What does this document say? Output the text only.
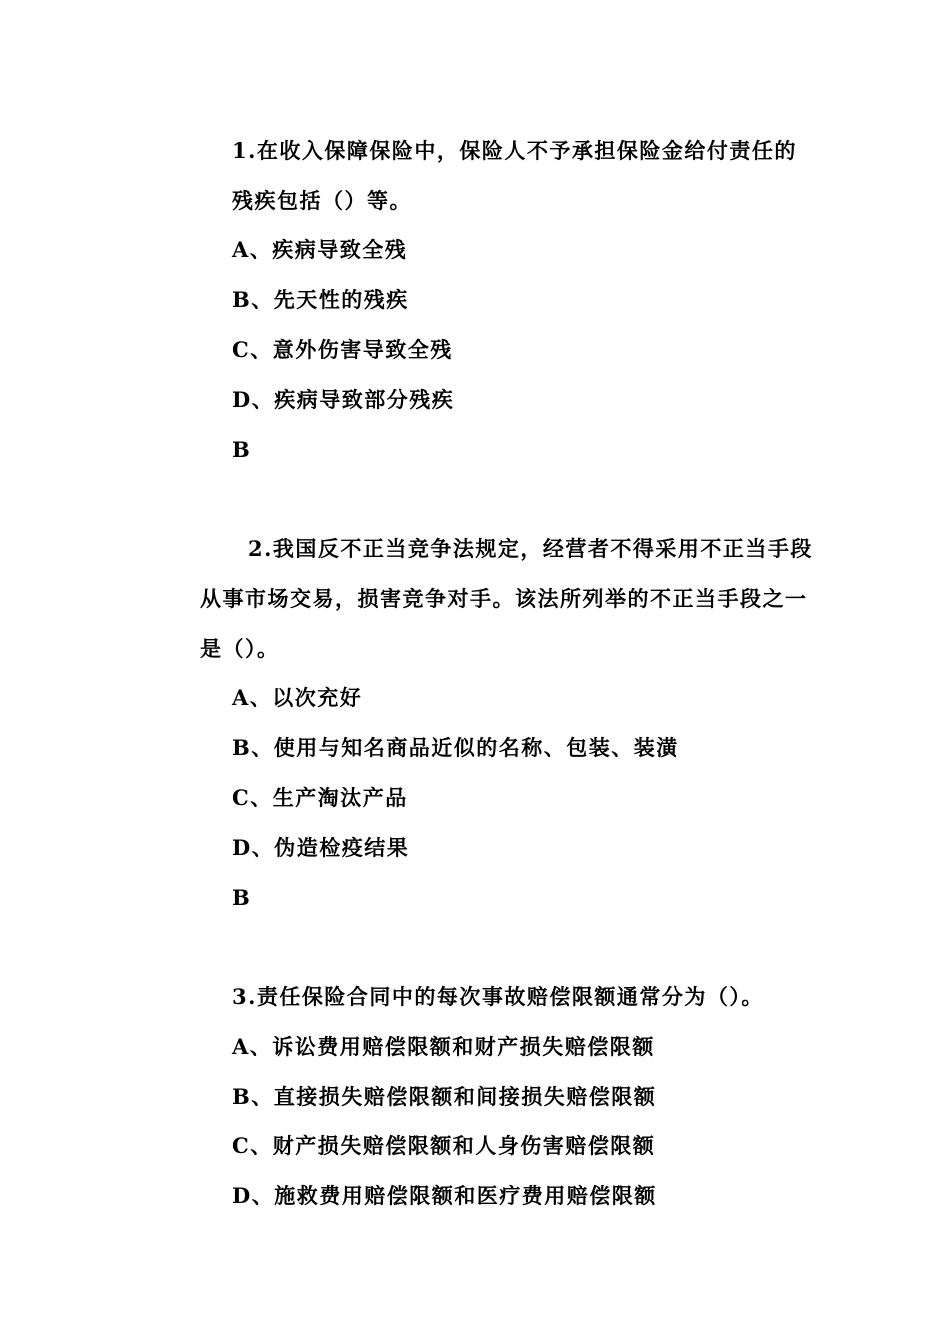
1.在收入保障保险中，保险人不予承担保险金给付责任的
残疾包括（）等。
A、疾病导致全残
B、先天性的残疾
C、意外伤害导致全残
D、疾病导致部分残疾
B
2.我国反不正当竞争法规定，经营者不得采用不正当手段
从事市场交易，损害竞争对手。该法所列举的不正当手段之一
是（）。
A、以次充好
B、使用与知名商品近似的名称、包装、装潢
C、生产淘汰产品
D、伪造检疫结果
B
3.责任保险合同中的每次事故赔偿限额通常分为（）。
A、诉讼费用赔偿限额和财产损失赔偿限额
B、直接损失赔偿限额和间接损失赔偿限额
C、财产损失赔偿限额和人身伤害赔偿限额
D、施救费用赔偿限额和医疗费用赔偿限额
